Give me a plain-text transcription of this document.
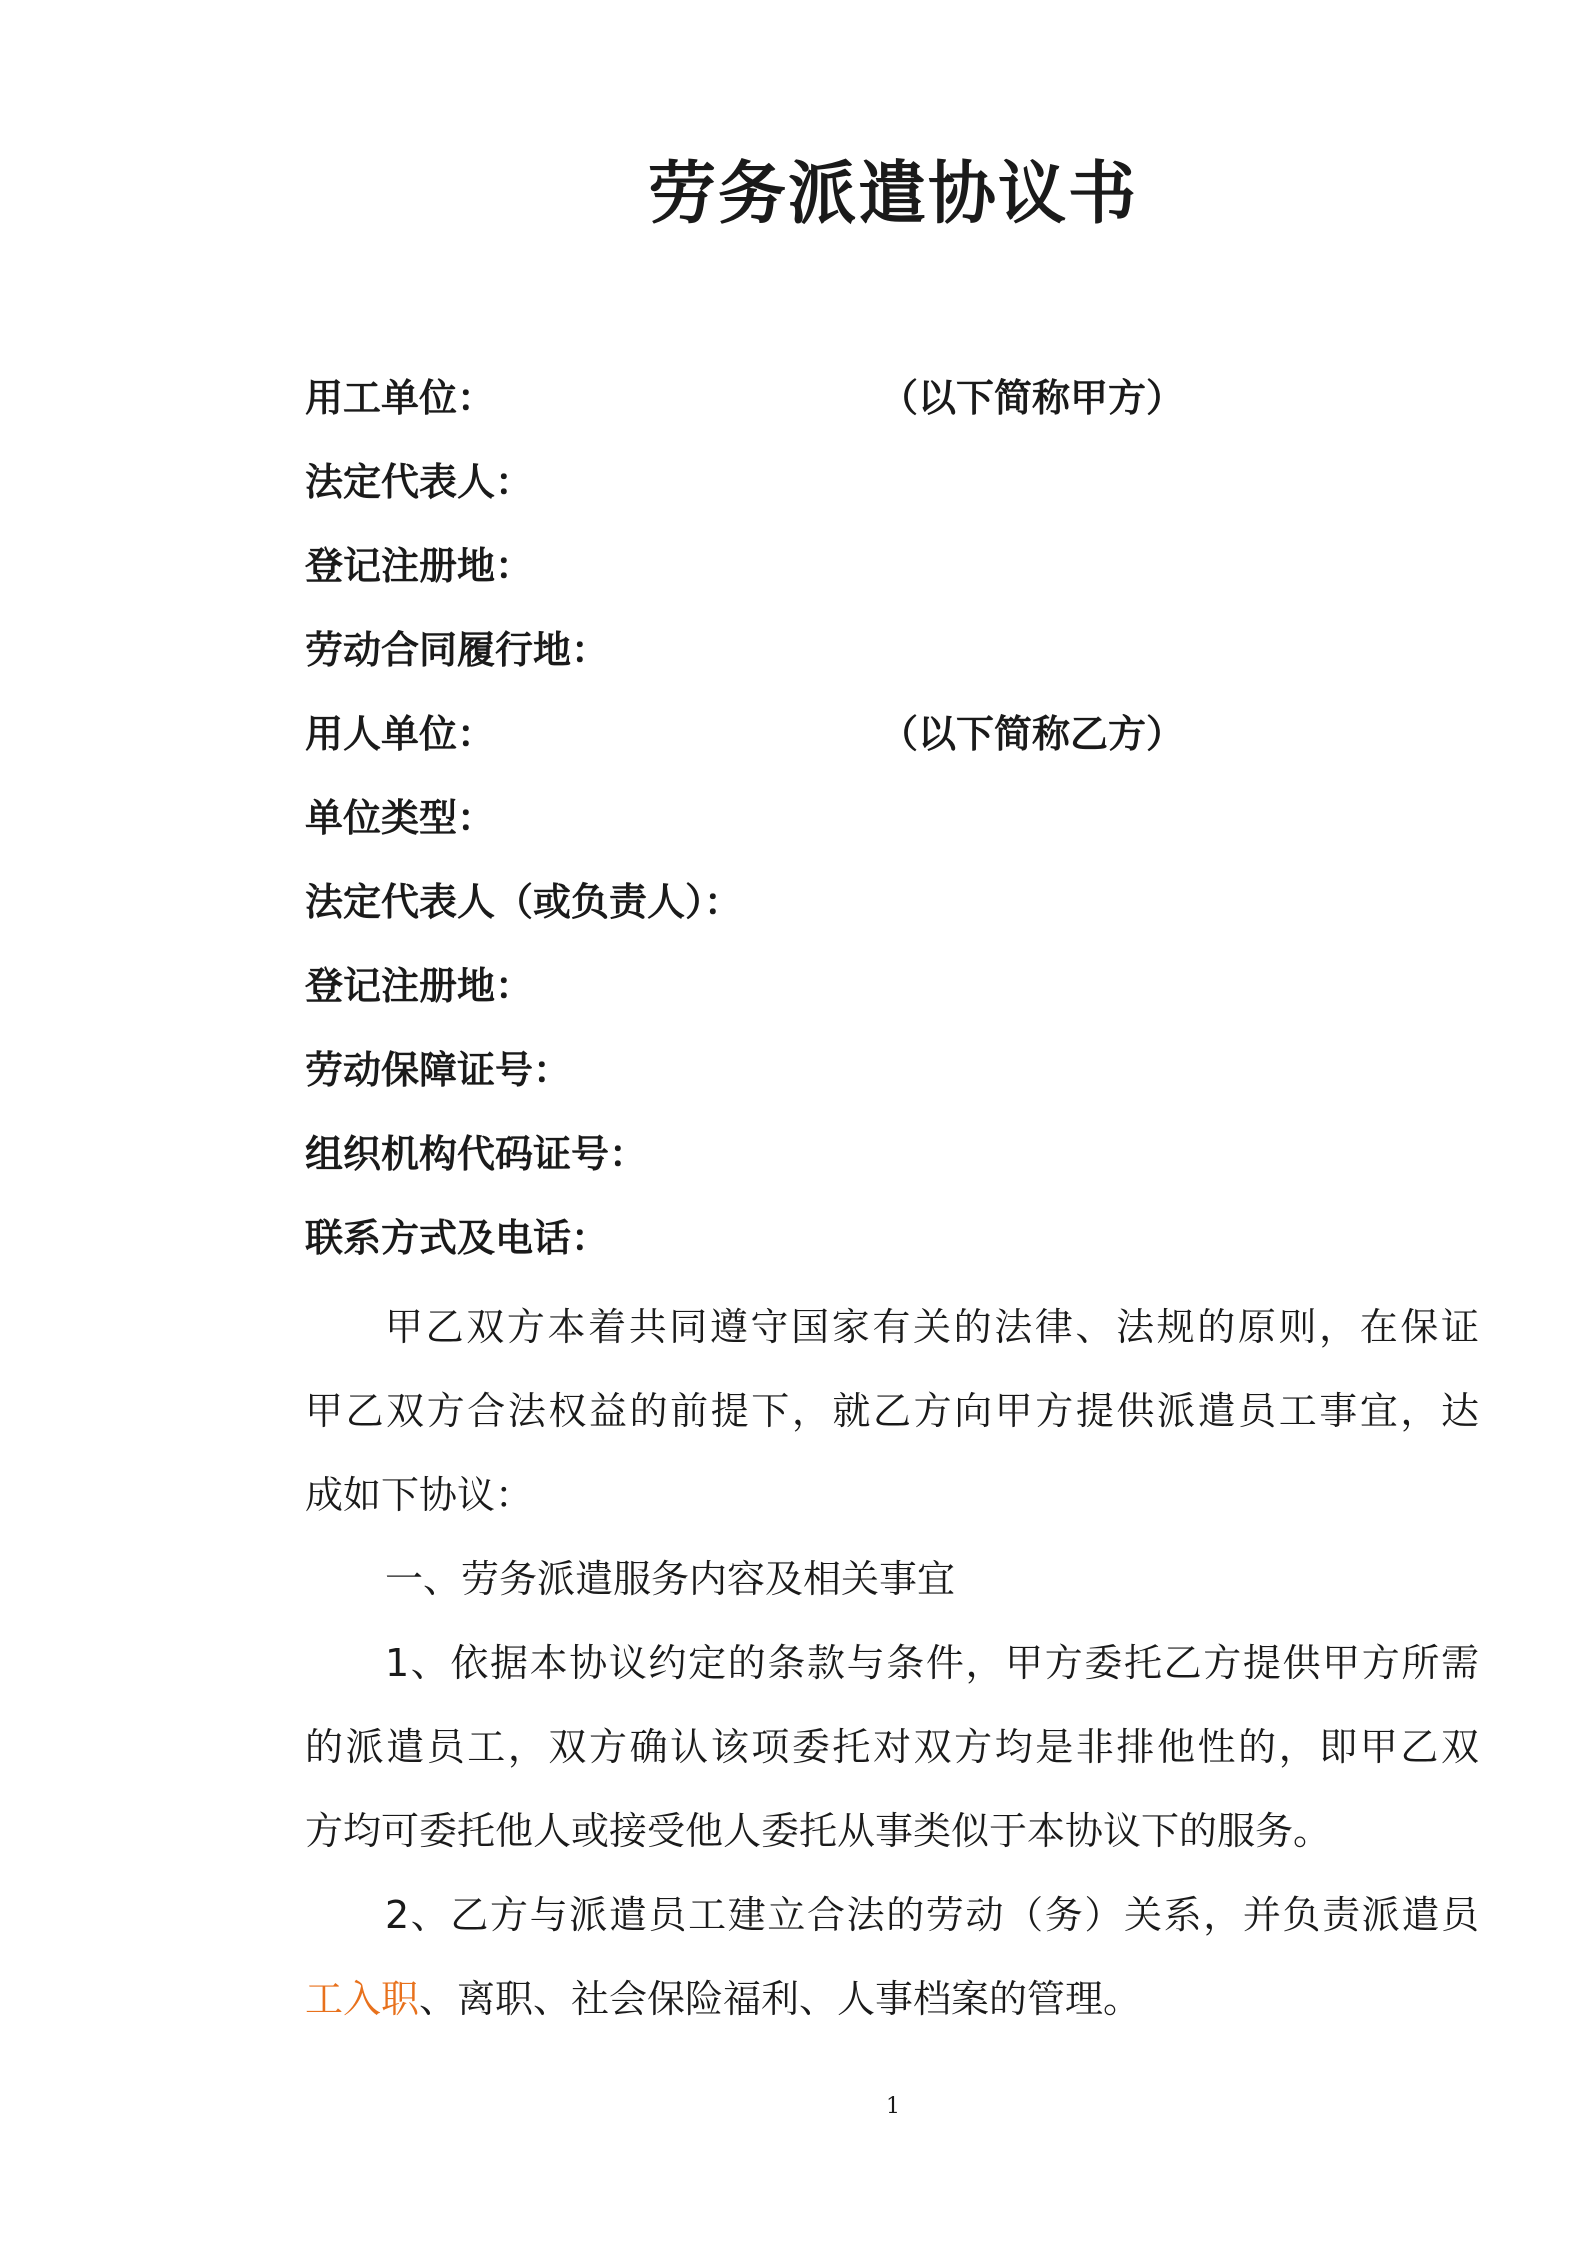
劳务派遣协议书
用工单位：	（以下简称甲方）
法定代表人：
登记注册地：
劳动合同履行地：
用人单位：	（以下简称乙方）
单位类型：
法定代表人（或负责人）：
登记注册地：
劳动保障证号：
组织机构代码证号：
联系方式及电话：
甲乙双方本着共同遵守国家有关的法律、法规的原则，在保证
甲乙双方合法权益的前提下，就乙方向甲方提供派遣员工事宜，达
成如下协议：
一、劳务派遣服务内容及相关事宜
1、依据本协议约定的条款与条件，甲方委托乙方提供甲方所需
的派遣员工，双方确认该项委托对双方均是非排他性的，即甲乙双
方均可委托他人或接受他人委托从事类似于本协议下的服务。
2、乙方与派遣员工建立合法的劳动（务）关系，并负责派遣员
工入职、离职、社会保险福利、人事档案的管理。
1
